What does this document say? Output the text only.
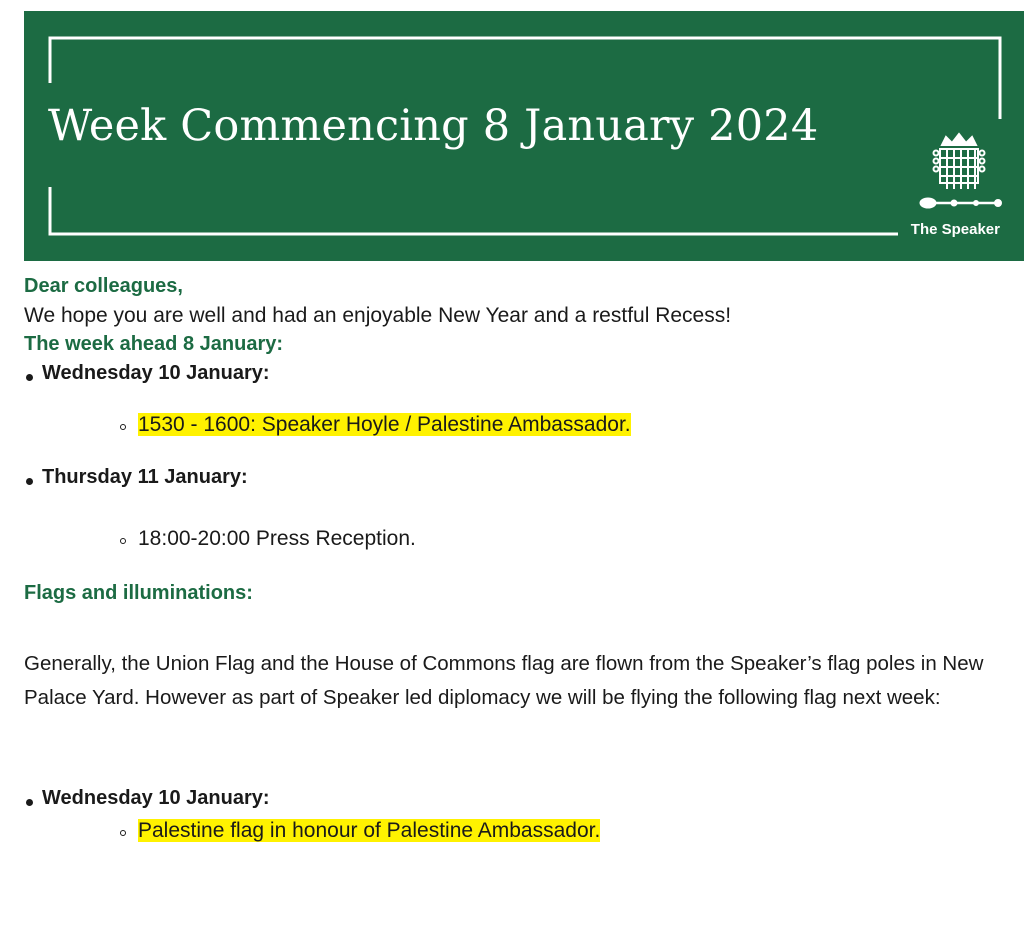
Week Commencing 8 January 2024
The Speaker
Dear colleagues,
We hope you are well and had an enjoyable New Year and a restful Recess!
The week ahead 8 January:
Wednesday 10 January:
1530 - 1600: Speaker Hoyle / Palestine Ambassador.
Thursday 11 January:
18:00-20:00 Press Reception.
Flags and illuminations:
Generally, the Union Flag and the House of Commons flag are flown from the Speaker’s flag poles in New Palace Yard. However as part of Speaker led diplomacy we will be flying the following flag next week:
Wednesday 10 January:
Palestine flag in honour of Palestine Ambassador.
